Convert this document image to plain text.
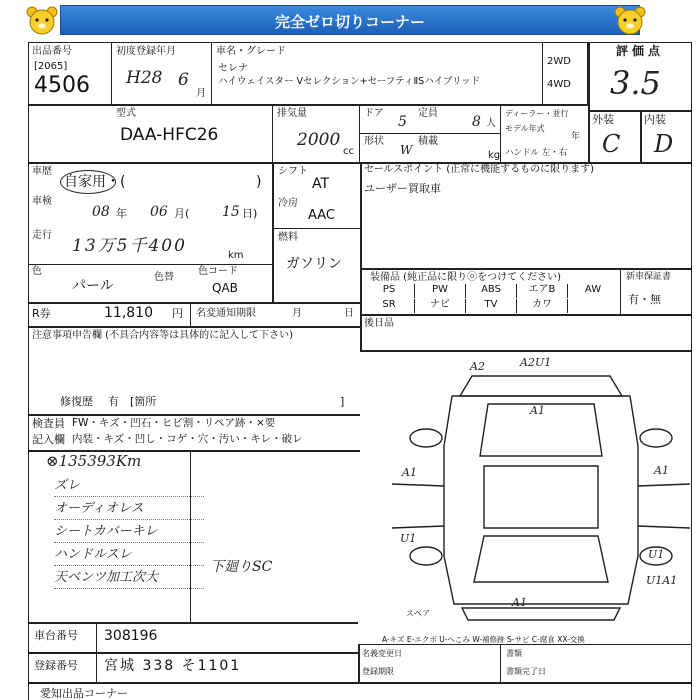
完全ゼロ切りコーナー
出品番号
[2065]
4506
初度登録年月
H28 6
月
車名・グレード
セレナ
ハイウェイスター Vセレクション+セーフティⅡSハイブリッド
2WD
4WD
評価点
3.5
外装	内装
C D
型式
DAA-HFC26
排気量
2000
cc
ドア
5
定員
8 人
形状
W
積載
kg
ディーラー・並行
モデル年式
年
ハンドル 左・右
車歴
自家用・(	)
車検
08 年 06 月( 15 日)
走行
13万5千400	km
色
パール
色替
色コード
QAB
シフト
AT
冷房
AAC
燃料
ガソリン
セールスポイント (正常に機能するものに限ります)
ユーザー買取車
R券	11,810 円 名変通知期限	月	日
装備品 (純正品に限りⓞをつけてください)	新車保証書
有・無
PS	PW	ABS	エアB	AW
SR	ナビ	TV	カワ
後日品
注意事項申告欄 (不具合内容等は具体的に記入して下さい)
修復歴 有 [箇所	]
検査員
記入欄
FW・キズ・凹石・ヒビ割・リペア跡・×要
内装・キズ・凹し・コゲ・穴・汚い・キレ・破レ
⊗135393Km
ズレ
オーディオレス
シートカバーキレ
ハンドルスレ
天ベンツ加工次大
下廻りSC
A2	A2U1
A1
A1	A1
U1
U1
U1A1
A1
スペア
A-キズ E-エクボ U-へこみ W-補修跡 S-サビ C-腐食 XX-交換
車台番号 308196
登録番号 宮城 338 そ1101
愛知出品コーナー
名義変更日
登録期限
書類
書類完了日
